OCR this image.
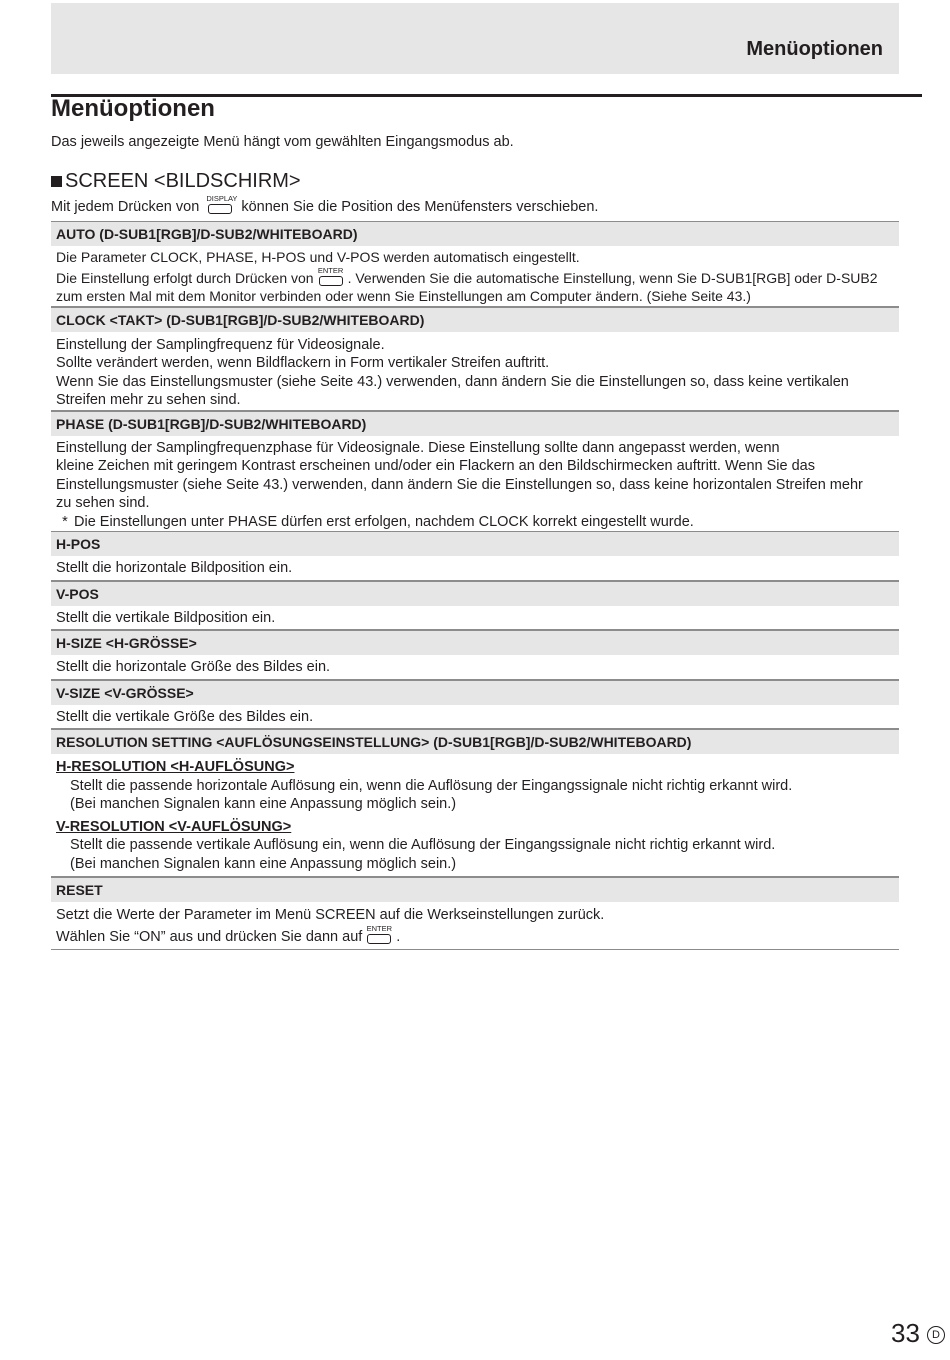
Menüoptionen
Menüoptionen
Das jeweils angezeigte Menü hängt vom gewählten Eingangsmodus ab.
SCREEN <BILDSCHIRM>
Mit jedem Drücken von
DISPLAY
können Sie die Position des Menüfensters verschieben.
AUTO (D-SUB1[RGB]/D-SUB2/WHITEBOARD)

Die Parameter CLOCK, PHASE, H-POS und V-POS werden automatisch eingestellt.

Die Einstellung erfolgt durch Drücken von ENTER . Verwenden Sie die automatische Einstellung, wenn Sie D-SUB1[RGB] oder D-SUB2

zum ersten Mal mit dem Monitor verbinden oder wenn Sie Einstellungen am Computer ändern. (Siehe Seite 43.)

CLOCK <TAKT> (D-SUB1[RGB]/D-SUB2/WHITEBOARD)

Einstellung der Samplingfrequenz für Videosignale.

Sollte verändert werden, wenn Bildflackern in Form vertikaler Streifen auftritt.

Wenn Sie das Einstellungsmuster (siehe Seite 43.) verwenden, dann ändern Sie die Einstellungen so, dass keine vertikalen

Streifen mehr zu sehen sind.

PHASE (D-SUB1[RGB]/D-SUB2/WHITEBOARD)

Einstellung der Samplingfrequenzphase für Videosignale. Diese Einstellung sollte dann angepasst werden, wenn

kleine Zeichen mit geringem Kontrast erscheinen und/oder ein Flackern an den Bildschirmecken auftritt. Wenn Sie das

Einstellungsmuster (siehe Seite 43.) verwenden, dann ändern Sie die Einstellungen so, dass keine horizontalen Streifen mehr

zu sehen sind.

* Die Einstellungen unter PHASE dürfen erst erfolgen, nachdem CLOCK korrekt eingestellt wurde.
H-POS

Stellt die horizontale Bildposition ein.

V-POS

Stellt die vertikale Bildposition ein.

H-SIZE <H-GRÖSSE>

Stellt die horizontale Größe des Bildes ein.

V-SIZE <V-GRÖSSE>

Stellt die vertikale Größe des Bildes ein.

RESOLUTION SETTING <AUFLÖSUNGSEINSTELLUNG> (D-SUB1[RGB]/D-SUB2/WHITEBOARD)
H-RESOLUTION <H-AUFLÖSUNG>
Stellt die passende horizontale Auflösung ein, wenn die Auflösung der Eingangssignale nicht richtig erkannt wird.
(Bei manchen Signalen kann eine Anpassung möglich sein.)
V-RESOLUTION <V-AUFLÖSUNG>
Stellt die passende vertikale Auflösung ein, wenn die Auflösung der Eingangssignale nicht richtig erkannt wird.
(Bei manchen Signalen kann eine Anpassung möglich sein.)
RESET

Setzt die Werte der Parameter im Menü SCREEN auf die Werkseinstellungen zurück.

Wählen Sie “ON” aus und drücken Sie dann auf
ENTER
.

33	D
